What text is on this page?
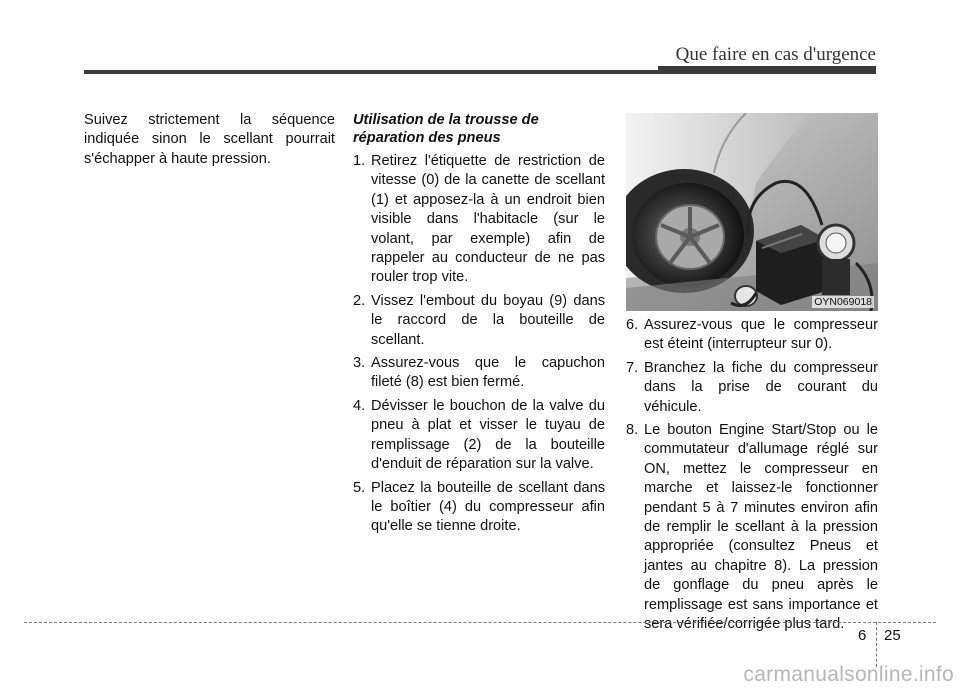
Que faire en cas d'urgence

Suivez strictement la séquence indiquée sinon le scellant pourrait s'échapper à haute pression.

Utilisation de la trousse de réparation des pneus

1. Retirez l'étiquette de restriction de vitesse (0) de la canette de scellant (1) et apposez-la à un endroit bien visible dans l'habitacle (sur le volant, par exemple) afin de rappeler au conducteur de ne pas rouler trop vite.
2. Vissez l'embout du boyau (9) dans le raccord de la bouteille de scellant.
3. Assurez-vous que le capuchon fileté (8) est bien fermé.
4. Dévisser le bouchon de la valve du pneu à plat et visser le tuyau de remplissage (2) de la bouteille d'enduit de réparation sur la valve.
5. Placez la bouteille de scellant dans le boîtier (4) du compresseur afin qu'elle se tienne droite.
OYN069018
6. Assurez-vous que le compresseur est éteint (interrupteur sur 0).
7. Branchez la fiche du compresseur dans la prise de courant du véhicule.
8. Le bouton Engine Start/Stop ou le commutateur d'allumage réglé sur ON, mettez le compresseur en marche et laissez-le fonctionner pendant 5 à 7 minutes environ afin de remplir le scellant à la pression appropriée (consultez Pneus et jantes au chapitre 8). La pression de gonflage du pneu après le remplissage est sans importance et sera vérifiée/corrigée plus tard.
6 25
carmanualsonline.info
